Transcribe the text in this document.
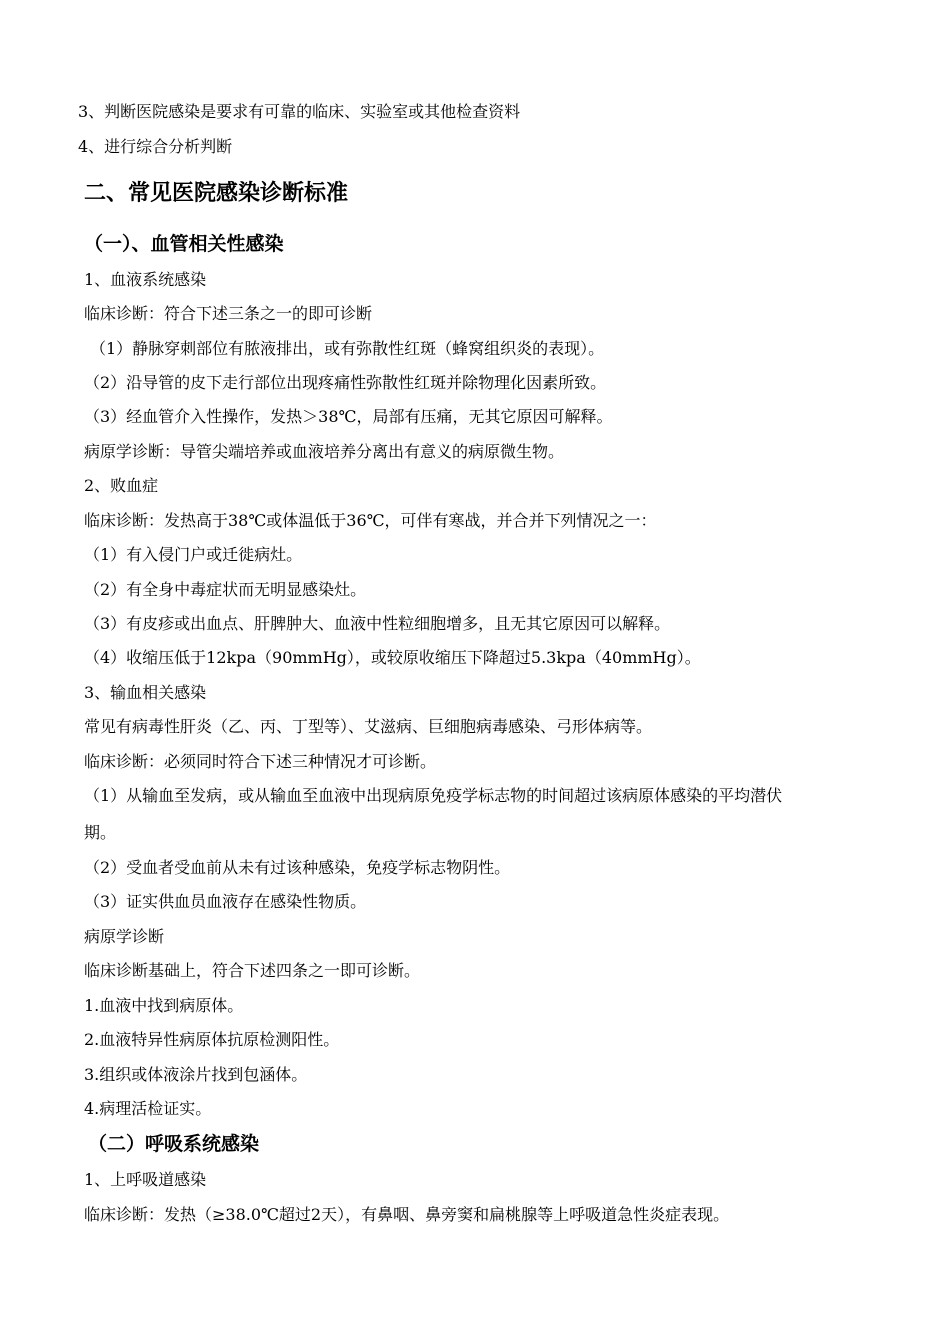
3、判断医院感染是要求有可靠的临床、实验室或其他检查资料
4、进行综合分析判断
二、常见医院感染诊断标准
（一）、血管相关性感染
1、血液系统感染
临床诊断：符合下述三条之一的即可诊断
（1）静脉穿刺部位有脓液排出，或有弥散性红斑（蜂窝组织炎的表现）。
（2）沿导管的皮下走行部位出现疼痛性弥散性红斑并除物理化因素所致。
（3）经血管介入性操作，发热＞38℃，局部有压痛，无其它原因可解释。
病原学诊断：导管尖端培养或血液培养分离出有意义的病原微生物。
2、败血症
临床诊断：发热高于38℃或体温低于36℃，可伴有寒战，并合并下列情况之一：
（1）有入侵门户或迁徙病灶。
（2）有全身中毒症状而无明显感染灶。
（3）有皮疹或出血点、肝脾肿大、血液中性粒细胞增多，且无其它原因可以解释。
（4）收缩压低于12kpa（90mmHg），或较原收缩压下降超过5.3kpa（40mmHg）。
3、输血相关感染
常见有病毒性肝炎（乙、丙、丁型等）、艾滋病、巨细胞病毒感染、弓形体病等。
临床诊断：必须同时符合下述三种情况才可诊断。
（1）从输血至发病，或从输血至血液中出现病原免疫学标志物的时间超过该病原体感染的平均潜伏
期。
（2）受血者受血前从未有过该种感染，免疫学标志物阴性。
（3）证实供血员血液存在感染性物质。
病原学诊断
临床诊断基础上，符合下述四条之一即可诊断。
1.血液中找到病原体。
2.血液特异性病原体抗原检测阳性。
3.组织或体液涂片找到包涵体。
4.病理活检证实。
（二）呼吸系统感染
1、上呼吸道感染
临床诊断：发热（≥38.0℃超过2天），有鼻咽、鼻旁窦和扁桃腺等上呼吸道急性炎症表现。
